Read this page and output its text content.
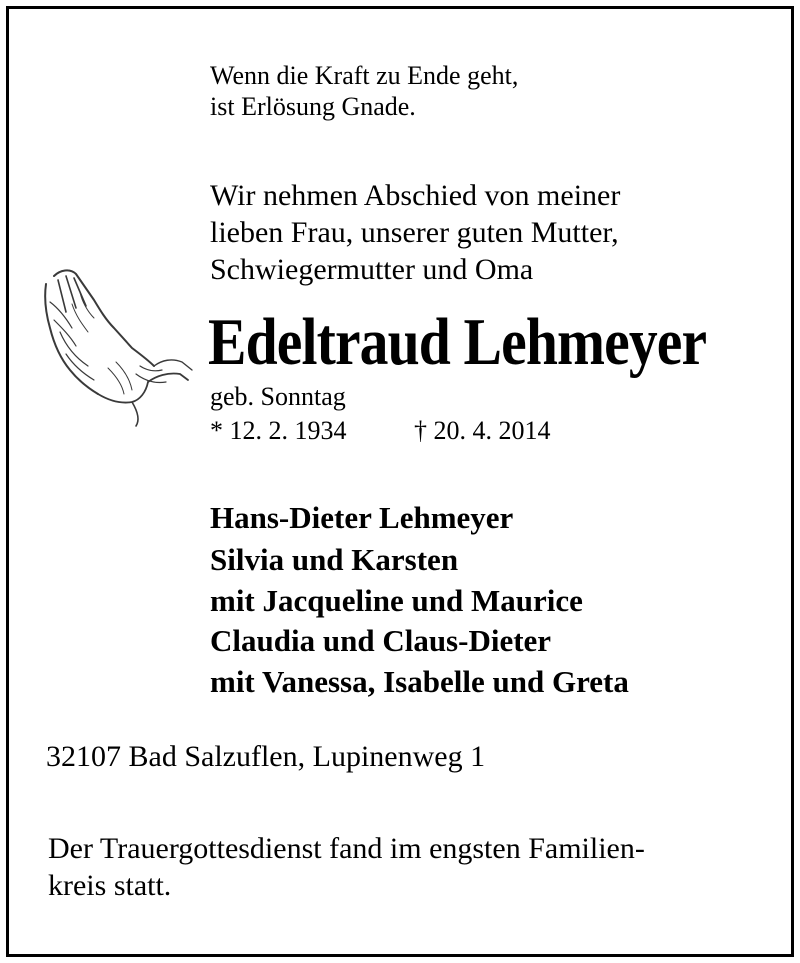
Wenn die Kraft zu Ende geht,
ist Erlösung Gnade.
Wir nehmen Abschied von meiner
lieben Frau, unserer guten Mutter,
Schwiegermutter und Oma
Edeltraud Lehmeyer
geb. Sonntag
* 12. 2. 1934	† 20. 4. 2014
Hans-Dieter Lehmeyer
Silvia und Karsten
mit Jacqueline und Maurice
Claudia und Claus-Dieter
mit Vanessa, Isabelle und Greta
32107 Bad Salzuflen, Lupinenweg 1
Der Trauergottesdienst fand im engsten Familien-
kreis statt.
